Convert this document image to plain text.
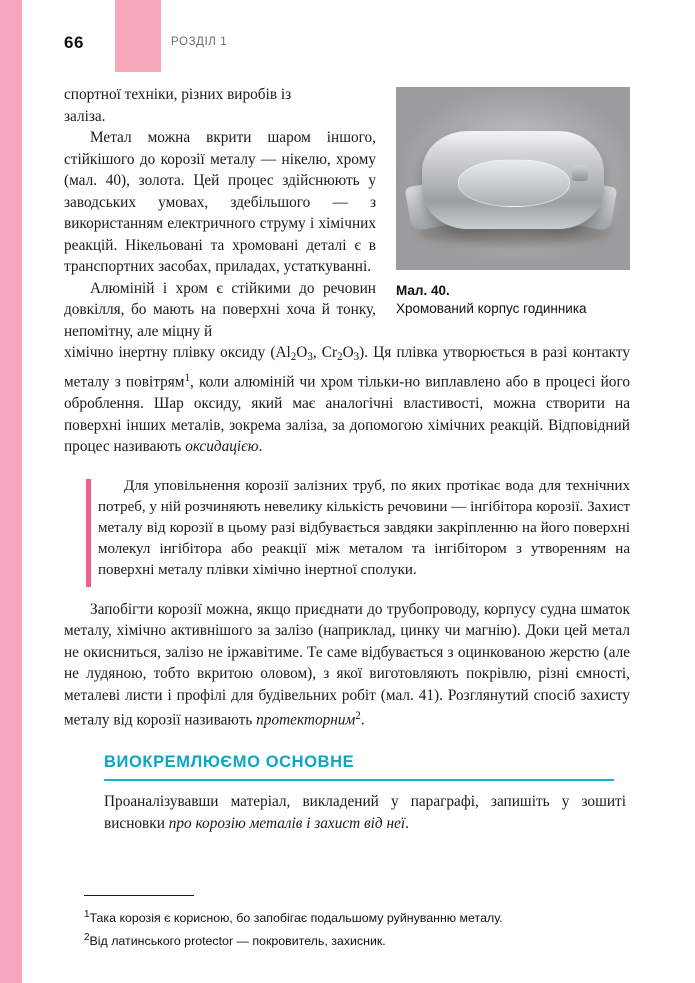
66	РОЗДІЛ 1
Мал. 40.
Хромований корпус годинника

спортної техніки, різних виробів із

заліза.

Метал можна вкрити шаром іншого, стійкішого до корозії металу — нікелю, хрому (мал. 40), золота. Цей процес здійснюють у заводських умовах, здебільшого — з використанням електричного струму і хімічних реакцій. Нікельовані та хромовані деталі є в транспортних засобах, приладах, устаткуванні.

Алюміній і хром є стійкими до речовин довкілля, бо мають на поверхні хоча й тонку, непомітну, але міцну й

хімічно інертну плівку оксиду ($Al_2O_3$, $Cr_2O_3$). Ця плівка утворюється в разі контакту металу з повітрям$^1$, коли алюміній чи хром тільки-но виплавлено або в процесі його оброблення. Шар оксиду, який має аналогічні властивості, можна створити на поверхні інших металів, зокрема заліза, за допомогою хімічних реакцій. Відповідний процес називають оксидацією.

Для уповільнення корозії залізних труб, по яких протікає вода для технічних потреб, у ній розчиняють невелику кількість речовини — інгібітора корозії. Захист металу від корозії в цьому разі відбувається завдяки закріпленню на його поверхні молекул інгібітора або реакції між металом та інгібітором з утворенням на поверхні металу плівки хімічно інертної сполуки.

Запобігти корозії можна, якщо приєднати до трубопроводу, корпусу судна шматок металу, хімічно активнішого за залізо (наприклад, цинку чи магнію). Доки цей метал не окисниться, залізо не іржавітиме. Те саме відбувається з оцинкованою жерстю (але не лудяною, тобто вкритою оловом), з якої виготовляють покрівлю, різні ємності, металеві листи і профілі для будівельних робіт (мал. 41). Розглянутий спосіб захисту металу від корозії називають протекторним$^2$.

ВИОКРЕМЛЮЄМО ОСНОВНЕ

Проаналізувавши матеріал, викладений у параграфі, запишіть у зошиті висновки про корозію металів і захист від неї.

$^1$Така корозія є корисною, бо запобігає подальшому руйнуванню металу.
$^2$Від латинського protector — покровитель, захисник.
